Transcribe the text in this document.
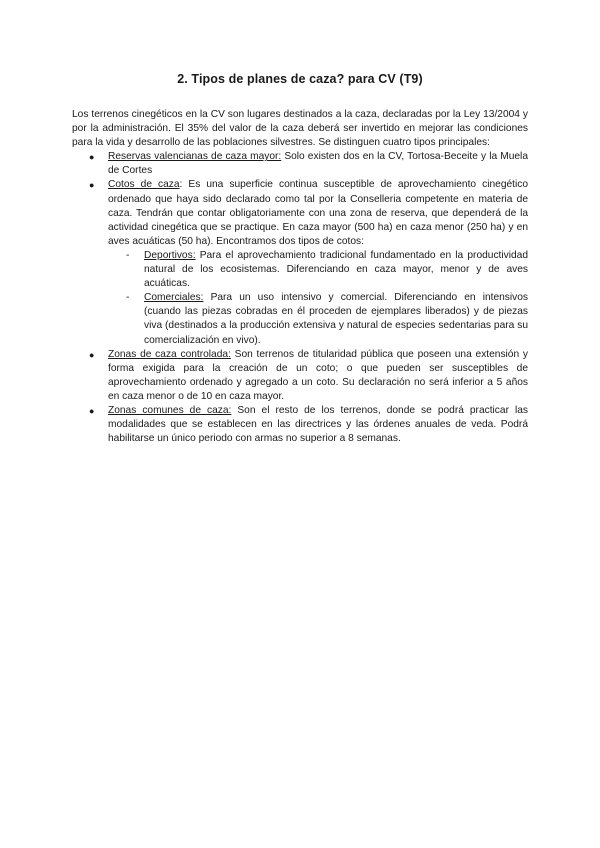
2. Tipos de planes de caza? para CV (T9)

Los terrenos cinegéticos en la CV son lugares destinados a la caza, declaradas por la Ley 13/2004 y por la administración. El 35% del valor de la caza deberá ser invertido en mejorar las condiciones para la vida y desarrollo de las poblaciones silvestres. Se distinguen cuatro tipos principales:

● Reservas valencianas de caza mayor: Solo existen dos en la CV, Tortosa-Beceite y la Muela de Cortes
● Cotos de caza: Es una superficie continua susceptible de aprovechamiento cinegético ordenado que haya sido declarado como tal por la Conselleria competente en materia de caza. Tendrán que contar obligatoriamente con una zona de reserva, que dependerá de la actividad cinegética que se practique. En caza mayor (500 ha) en caza menor (250 ha) y en aves acuáticas (50 ha). Encontramos dos tipos de cotos:
- Deportivos: Para el aprovechamiento tradicional fundamentado en la productividad natural de los ecosistemas. Diferenciando en caza mayor, menor y de aves acuáticas.
- Comerciales: Para un uso intensivo y comercial. Diferenciando en intensivos (cuando las piezas cobradas en él proceden de ejemplares liberados) y de piezas viva (destinados a la producción extensiva y natural de especies sedentarias para su comercialización en vivo).
● Zonas de caza controlada: Son terrenos de titularidad pública que poseen una extensión y forma exigida para la creación de un coto; o que pueden ser susceptibles de aprovechamiento ordenado y agregado a un coto. Su declaración no será inferior a 5 años en caza menor o de 10 en caza mayor.
● Zonas comunes de caza: Son el resto de los terrenos, donde se podrá practicar las modalidades que se establecen en las directrices y las órdenes anuales de veda. Podrá habilitarse un único periodo con armas no superior a 8 semanas.
